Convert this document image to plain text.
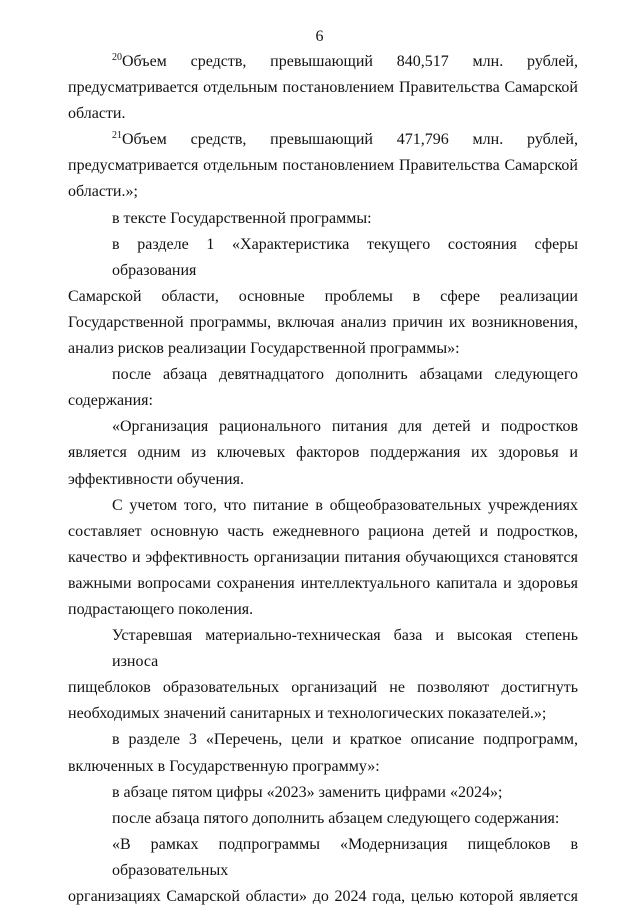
6
$^{20}$Объем средств, превышающий 840,517 млн. рублей,
предусматривается отдельным постановлением Правительства Самарской
области.
$^{21}$Объем средств, превышающий 471,796 млн. рублей,
предусматривается отдельным постановлением Правительства Самарской
области.»;
в тексте Государственной программы:
в разделе 1 «Характеристика текущего состояния сферы образования
Самарской области, основные проблемы в сфере реализации
Государственной программы, включая анализ причин их возникновения,
анализ рисков реализации Государственной программы»:
после абзаца девятнадцатого дополнить абзацами следующего
содержания:
«Организация рационального питания для детей и подростков
является одним из ключевых факторов поддержания их здоровья и
эффективности обучения.
С учетом того, что питание в общеобразовательных учреждениях
составляет основную часть ежедневного рациона детей и подростков,
качество и эффективность организации питания обучающихся становятся
важными вопросами сохранения интеллектуального капитала и здоровья
подрастающего поколения.
Устаревшая материально-техническая база и высокая степень износа
пищеблоков образовательных организаций не позволяют достигнуть
необходимых значений санитарных и технологических показателей.»;
в разделе 3 «Перечень, цели и краткое описание подпрограмм,
включенных в Государственную программу»:
в абзаце пятом цифры «2023» заменить цифрами «2024»;
после абзаца пятого дополнить абзацем следующего содержания:
«В рамках подпрограммы «Модернизация пищеблоков в образовательных
организациях Самарской области» до 2024 года, целью которой является
